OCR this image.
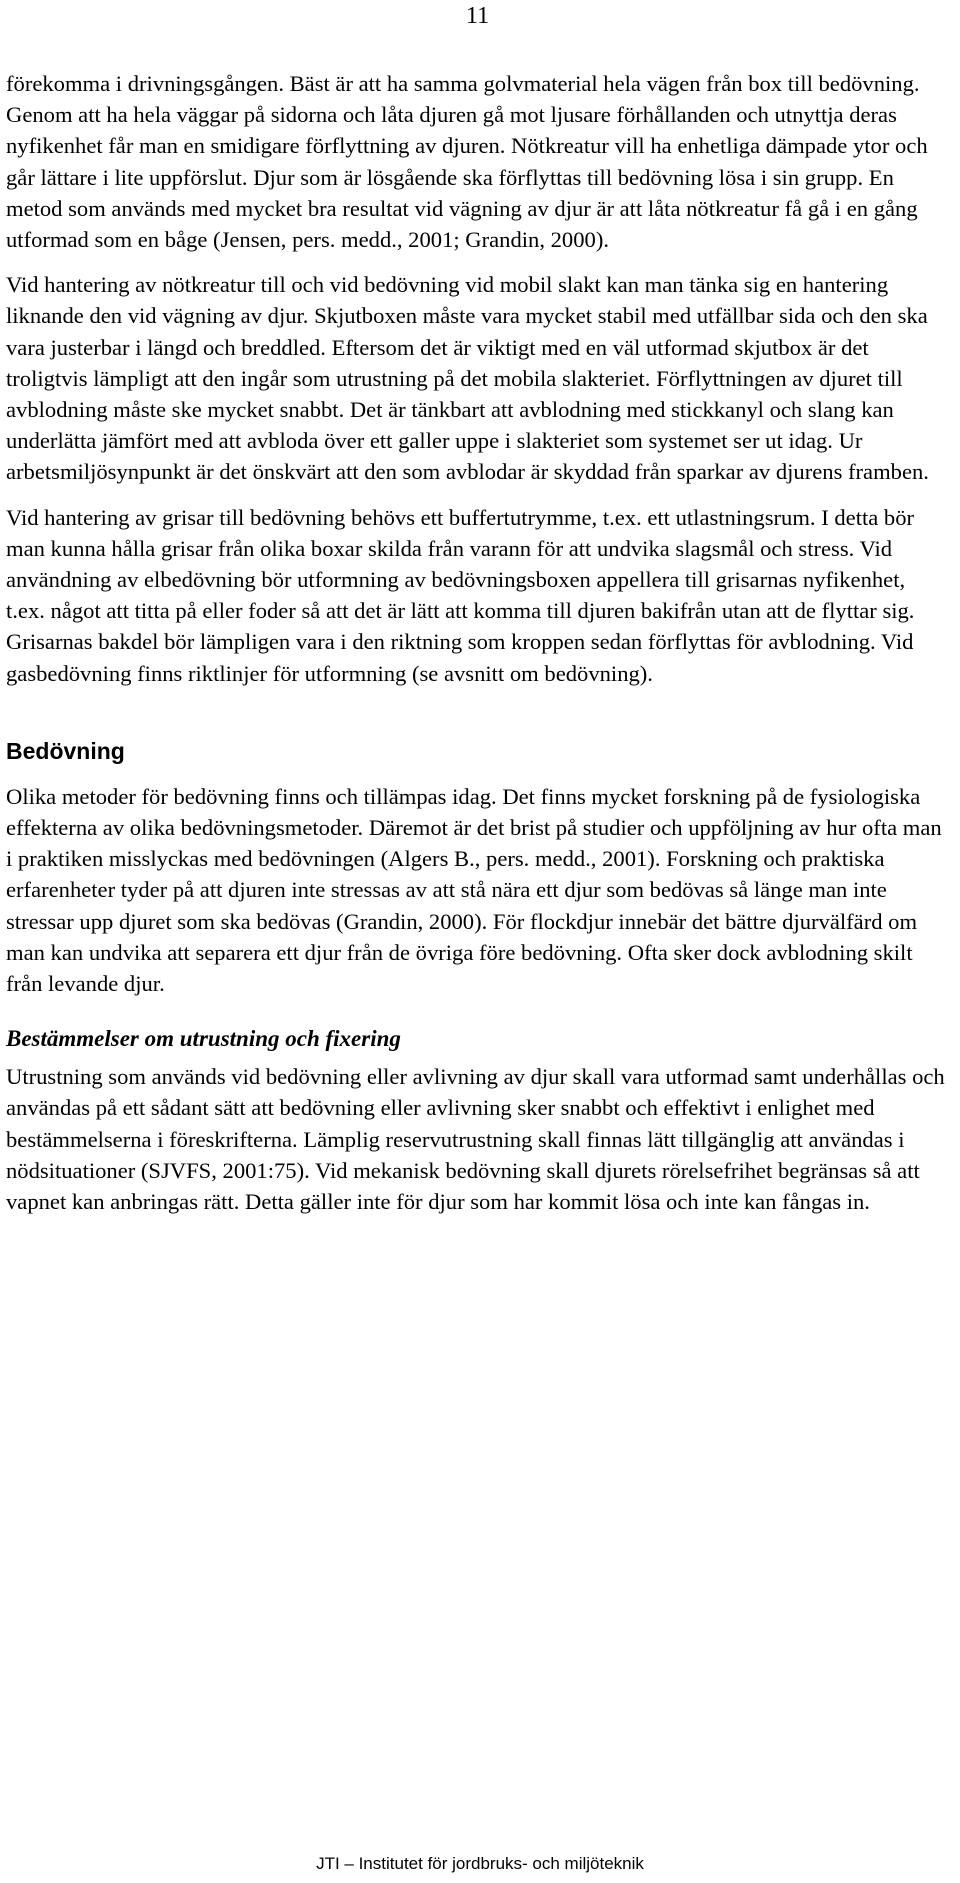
11

förekomma i drivningsgången. Bäst är att ha samma golvmaterial hela vägen från box till bedövning. Genom att ha hela väggar på sidorna och låta djuren gå mot ljusare förhållanden och utnyttja deras nyfikenhet får man en smidigare förflyttning av djuren. Nötkreatur vill ha enhetliga dämpade ytor och går lättare i lite uppförslut. Djur som är lösgående ska förflyttas till bedövning lösa i sin grupp. En metod som används med mycket bra resultat vid vägning av djur är att låta nötkreatur få gå i en gång utformad som en båge (Jensen, pers. medd., 2001; Grandin, 2000).

Vid hantering av nötkreatur till och vid bedövning vid mobil slakt kan man tänka sig en hantering liknande den vid vägning av djur. Skjutboxen måste vara mycket stabil med utfällbar sida och den ska vara justerbar i längd och breddled. Eftersom det är viktigt med en väl utformad skjutbox är det troligtvis lämpligt att den ingår som utrustning på det mobila slakteriet. Förflyttningen av djuret till avblodning måste ske mycket snabbt. Det är tänkbart att avblodning med stickkanyl och slang kan underlätta jämfört med att avbloda över ett galler uppe i slakteriet som systemet ser ut idag. Ur arbetsmiljösynpunkt är det önskvärt att den som avblodar är skyddad från sparkar av djurens framben.

Vid hantering av grisar till bedövning behövs ett buffertutrymme, t.ex. ett utlastningsrum. I detta bör man kunna hålla grisar från olika boxar skilda från varann för att undvika slagsmål och stress. Vid användning av elbedövning bör utformning av bedövningsboxen appellera till grisarnas nyfikenhet, t.ex. något att titta på eller foder så att det är lätt att komma till djuren bakifrån utan att de flyttar sig. Grisarnas bakdel bör lämpligen vara i den riktning som kroppen sedan förflyttas för avblodning. Vid gasbedövning finns riktlinjer för utformning (se avsnitt om bedövning).

Bedövning

Olika metoder för bedövning finns och tillämpas idag. Det finns mycket forskning på de fysiologiska effekterna av olika bedövningsmetoder. Däremot är det brist på studier och uppföljning av hur ofta man i praktiken misslyckas med bedövningen (Algers B., pers. medd., 2001). Forskning och praktiska erfarenheter tyder på att djuren inte stressas av att stå nära ett djur som bedövas så länge man inte stressar upp djuret som ska bedövas (Grandin, 2000). För flockdjur innebär det bättre djurvälfärd om man kan undvika att separera ett djur från de övriga före bedövning. Ofta sker dock avblodning skilt från levande djur.

Bestämmelser om utrustning och fixering

Utrustning som används vid bedövning eller avlivning av djur skall vara utformad samt underhållas och användas på ett sådant sätt att bedövning eller avlivning sker snabbt och effektivt i enlighet med bestämmelserna i föreskrifterna. Lämplig reservutrustning skall finnas lätt tillgänglig att användas i nödsituationer (SJVFS, 2001:75). Vid mekanisk bedövning skall djurets rörelsefrihet begränsas så att vapnet kan anbringas rätt. Detta gäller inte för djur som har kommit lösa och inte kan fångas in.

JTI – Institutet för jordbruks- och miljöteknik
